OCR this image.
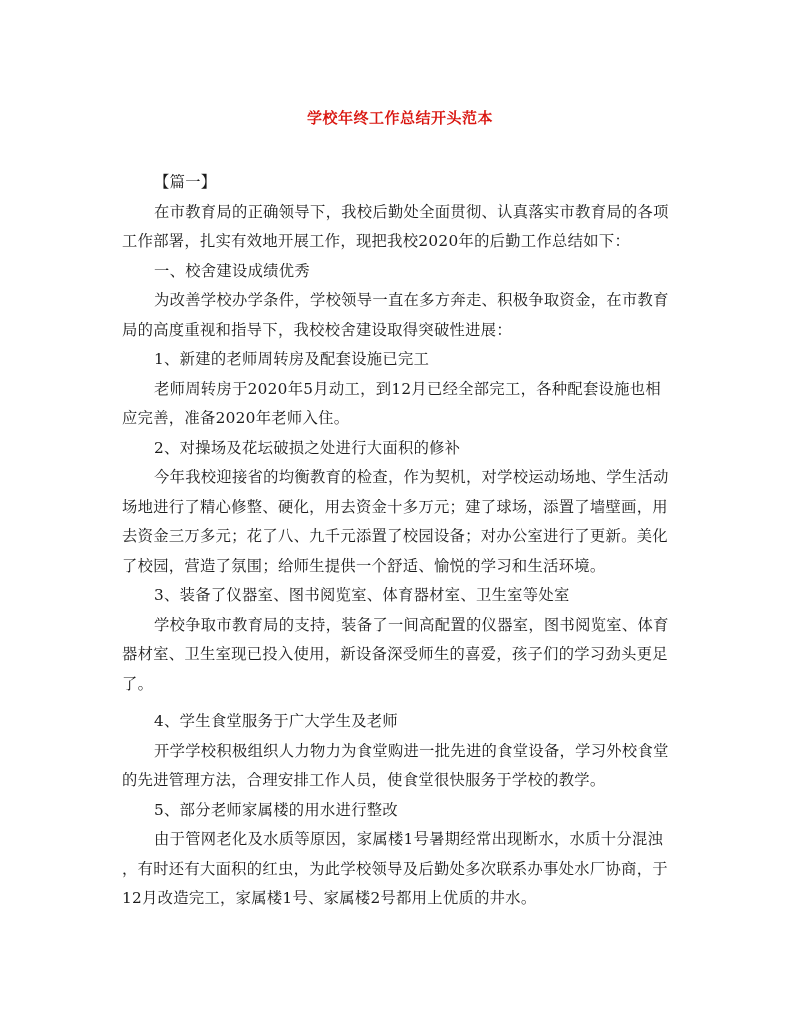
学校年终工作总结开头范本
【篇一】
在市教育局的正确领导下，我校后勤处全面贯彻、认真落实市教育局的各项
工作部署，扎实有效地开展工作，现把我校2020年的后勤工作总结如下：
一、校舍建设成绩优秀
为改善学校办学条件，学校领导一直在多方奔走、积极争取资金，在市教育
局的高度重视和指导下，我校校舍建设取得突破性进展：
1、新建的老师周转房及配套设施已完工
老师周转房于2020年5月动工，到12月已经全部完工，各种配套设施也相
应完善，准备2020年老师入住。
2、对操场及花坛破损之处进行大面积的修补
今年我校迎接省的均衡教育的检查，作为契机，对学校运动场地、学生活动
场地进行了精心修整、硬化，用去资金十多万元；建了球场，添置了墙壁画，用
去资金三万多元；花了八、九千元添置了校园设备；对办公室进行了更新。美化
了校园，营造了氛围；给师生提供一个舒适、愉悦的学习和生活环境。
3、装备了仪器室、图书阅览室、体育器材室、卫生室等处室
学校争取市教育局的支持，装备了一间高配置的仪器室，图书阅览室、体育
器材室、卫生室现已投入使用，新设备深受师生的喜爱，孩子们的学习劲头更足
了。
4、学生食堂服务于广大学生及老师
开学学校积极组织人力物力为食堂购进一批先进的食堂设备，学习外校食堂
的先进管理方法，合理安排工作人员，使食堂很快服务于学校的教学。
5、部分老师家属楼的用水进行整改
由于管网老化及水质等原因，家属楼1号暑期经常出现断水，水质十分混浊
，有时还有大面积的红虫，为此学校领导及后勤处多次联系办事处水厂协商，于
12月改造完工，家属楼1号、家属楼2号都用上优质的井水。
